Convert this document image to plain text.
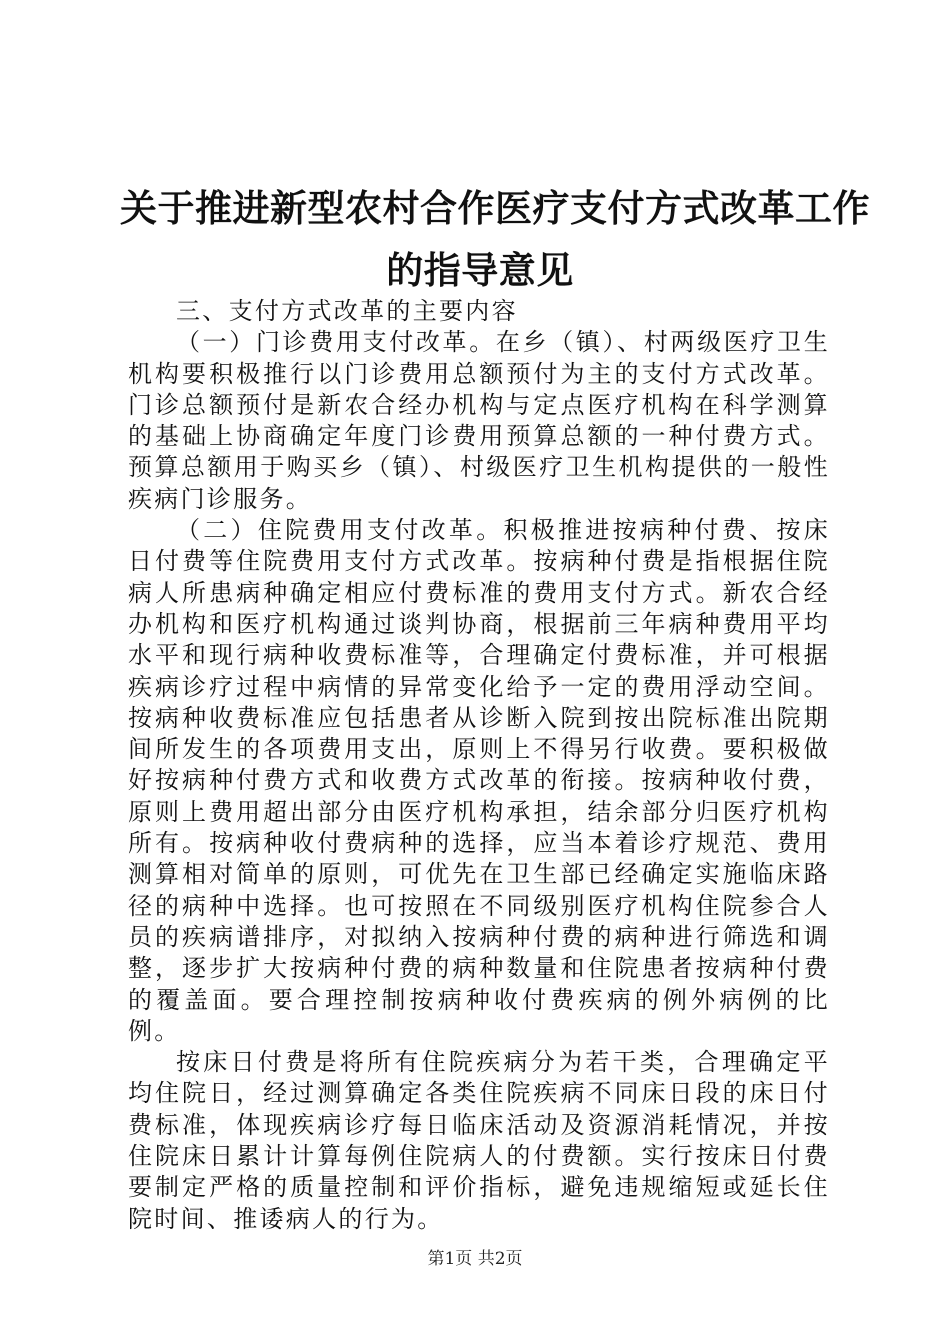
关于推进新型农村合作医疗支付方式改革工作
的指导意见

三、支付方式改革的主要内容

（一）门诊费用支付改革。在乡（镇）、村两级医疗卫生机构要积极推行以门诊费用总额预付为主的支付方式改革。门诊总额预付是新农合经办机构与定点医疗机构在科学测算的基础上协商确定年度门诊费用预算总额的一种付费方式。预算总额用于购买乡（镇）、村级医疗卫生机构提供的一般性疾病门诊服务。

（二）住院费用支付改革。积极推进按病种付费、按床日付费等住院费用支付方式改革。按病种付费是指根据住院病人所患病种确定相应付费标准的费用支付方式。新农合经办机构和医疗机构通过谈判协商，根据前三年病种费用平均水平和现行病种收费标准等，合理确定付费标准，并可根据疾病诊疗过程中病情的异常变化给予一定的费用浮动空间。按病种收费标准应包括患者从诊断入院到按出院标准出院期间所发生的各项费用支出，原则上不得另行收费。要积极做好按病种付费方式和收费方式改革的衔接。按病种收付费，原则上费用超出部分由医疗机构承担，结余部分归医疗机构所有。按病种收付费病种的选择，应当本着诊疗规范、费用测算相对简单的原则，可优先在卫生部已经确定实施临床路径的病种中选择。也可按照在不同级别医疗机构住院参合人员的疾病谱排序，对拟纳入按病种付费的病种进行筛选和调整，逐步扩大按病种付费的病种数量和住院患者按病种付费的覆盖面。要合理控制按病种收付费疾病的例外病例的比例。

按床日付费是将所有住院疾病分为若干类，合理确定平均住院日，经过测算确定各类住院疾病不同床日段的床日付费标准，体现疾病诊疗每日临床活动及资源消耗情况，并按住院床日累计计算每例住院病人的付费额。实行按床日付费要制定严格的质量控制和评价指标，避免违规缩短或延长住院时间、推诿病人的行为。

第1页 共2页
